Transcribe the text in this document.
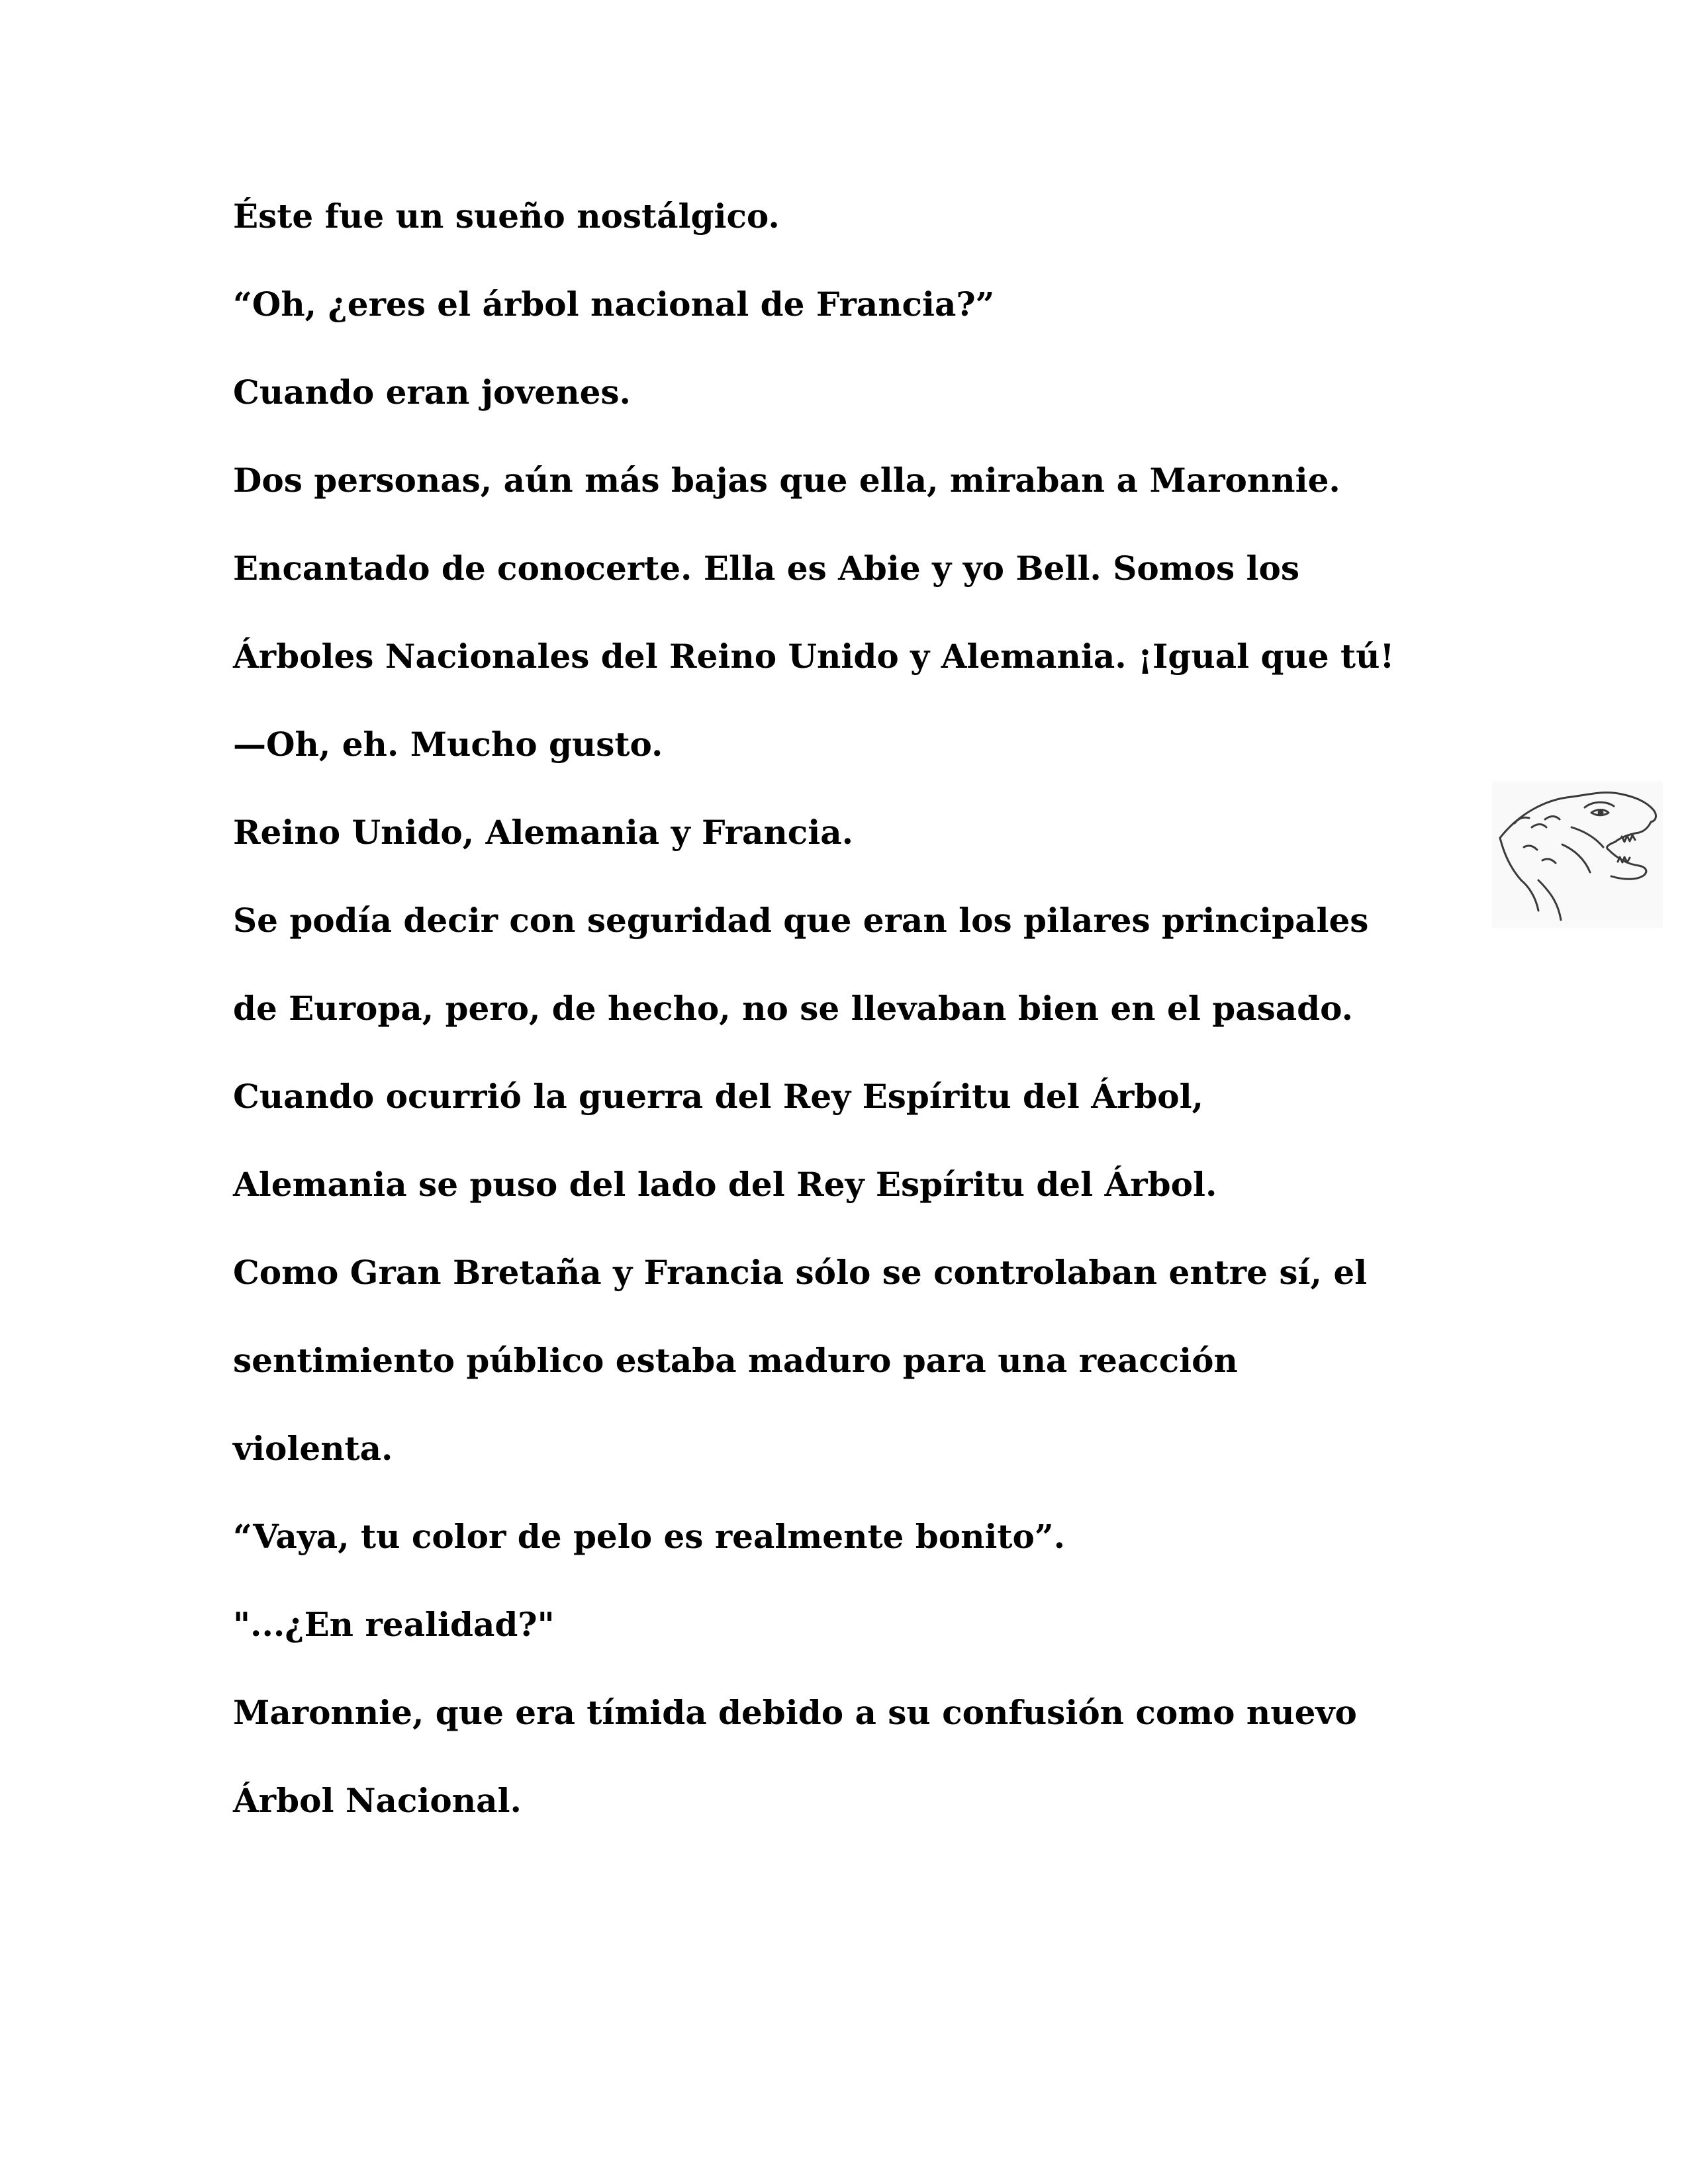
Éste fue un sueño nostálgico.
“Oh, ¿eres el árbol nacional de Francia?”
Cuando eran jovenes.
Dos personas, aún más bajas que ella, miraban a Maronnie.
Encantado de conocerte. Ella es Abie y yo Bell. Somos los
Árboles Nacionales del Reino Unido y Alemania. ¡Igual que tú!
—Oh, eh. Mucho gusto.
Reino Unido, Alemania y Francia.
Se podía decir con seguridad que eran los pilares principales
de Europa, pero, de hecho, no se llevaban bien en el pasado.
Cuando ocurrió la guerra del Rey Espíritu del Árbol,
Alemania se puso del lado del Rey Espíritu del Árbol.
Como Gran Bretaña y Francia sólo se controlaban entre sí, el
sentimiento público estaba maduro para una reacción
violenta.
“Vaya, tu color de pelo es realmente bonito”.
"...¿En realidad?"
Maronnie, que era tímida debido a su confusión como nuevo
Árbol Nacional.
